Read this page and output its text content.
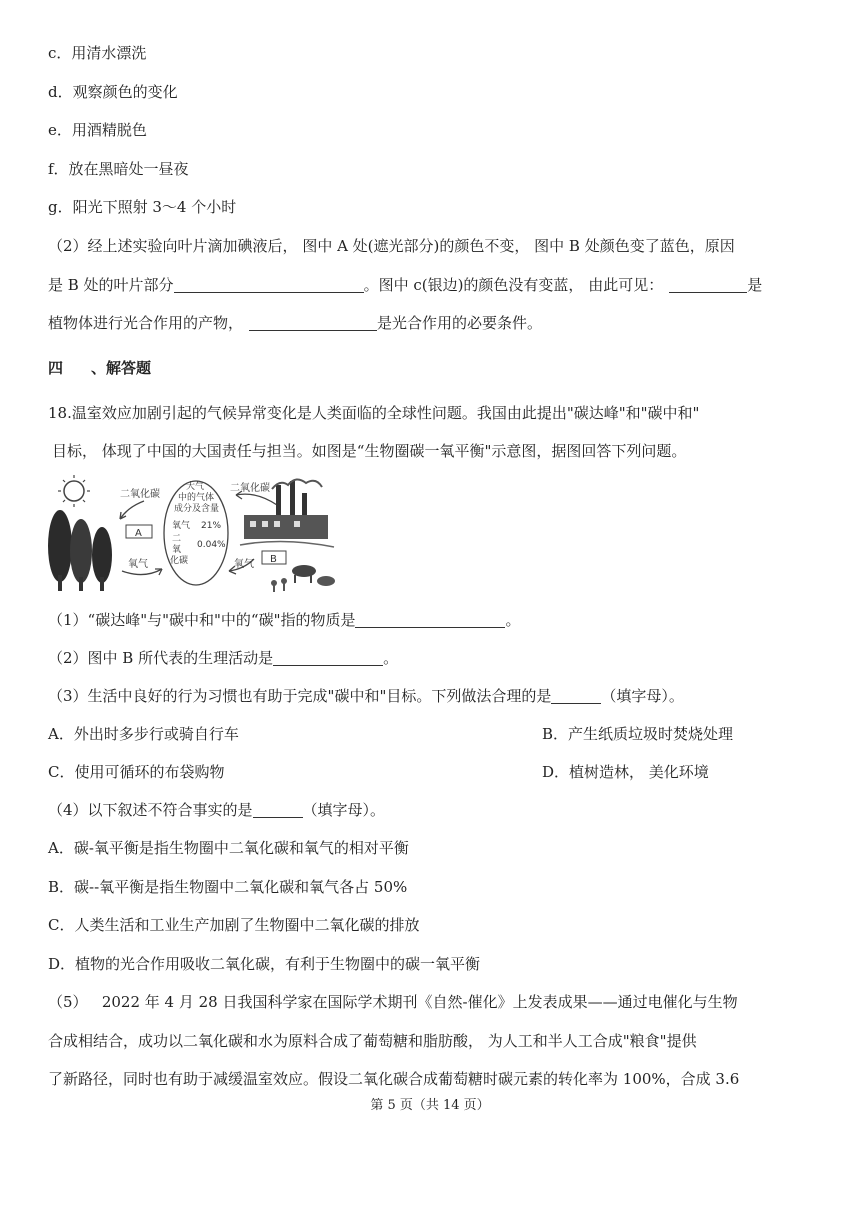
c．用清水漂洗
d．观察颜色的变化
e．用酒精脱色
f．放在黑暗处一昼夜
g．阳光下照射 3～4 个小时
（2）经上述实验向叶片滴加碘液后， 图中 A 处(遮光部分)的颜色不变， 图中 B 处颜色变了蓝色，原因
是 B 处的叶片部分	。图中 c(银边)的颜色没有变蓝， 由此可见：	是
植物体进行光合作用的产物，	是光合作用的必要条件。
四 、解答题
18.温室效应加剧引起的气候异常变化是人类面临的全球性问题。我国由此提出"碳达峰"和"碳中和"
目标， 体现了中国的大国责任与担当。如图是“生物圈碳一氧平衡"示意图，据图回答下列问题。
二氧化碳
二氧化碳
大气
中的气体
成分及含量
氧气 21%
二
氧
化碳
0.04%
A
氧气	B
氧气
（1）“碳达峰"与"碳中和"中的“碳"指的物质是	。
（2）图中 B 所代表的生理活动是	。
（3）生活中良好的行为习惯也有助于完成"碳中和"目标。下列做法合理的是	（填字母）。
A．外出时多步行或骑自行车	B．产生纸质垃圾时焚烧处理
C．使用可循环的布袋购物	D．植树造林， 美化环境
（4）以下叙述不符合事实的是	（填字母）。
A．碳-氧平衡是指生物圈中二氧化碳和氧气的相对平衡
B．碳--氧平衡是指生物圈中二氧化碳和氧气各占 50%
C．人类生活和工业生产加剧了生物圈中二氧化碳的排放
D．植物的光合作用吸收二氧化碳，有利于生物圈中的碳一氧平衡
（5）   2022 年 4 月 28 日我国科学家在国际学术期刊《自然-催化》上发表成果——通过电催化与生物
合成相结合，成功以二氧化碳和水为原料合成了葡萄糖和脂肪酸， 为人工和半人工合成"粮食"提供
了新路径，同时也有助于减缓温室效应。假设二氧化碳合成葡萄糖时碳元素的转化率为 100%，合成 3.6
第 5 页（共 14 页）
